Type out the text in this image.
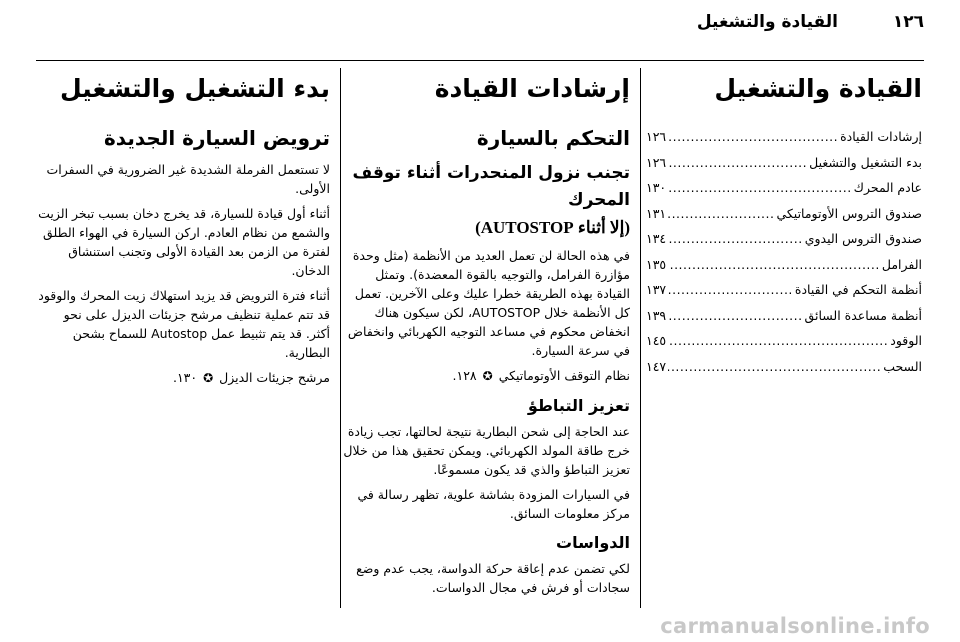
القيادة والتشغيل	١٢٦
القيادة والتشغيل
إرشادات القيادة
.....
١٢٦
بدء التشغيل والتشغيل
.....
١٢٦
عادم المحرك
.....
١٣٠
صندوق التروس الأوتوماتيكي
.....
١٣١
صندوق التروس اليدوي
.....
١٣٤
الفرامل
.....
١٣٥
أنظمة التحكم في القيادة
.....
١٣٧
أنظمة مساعدة السائق
.....
١٣٩
الوقود
.....
١٤٥
السحب
.....
١٤٧
إرشادات القيادة
التحكم بالسيارة
تجنب نزول المنحدرات أثناء توقف المحرك
(إلا أثناء AUTOSTOP)

في هذه الحالة لن تعمل العديد من الأنظمة (مثل وحدة مؤازرة الفرامل، والتوجيه بالقوة المعضدة). وتمثل القيادة بهذه الطريقة خطرا عليك وعلى الآخرين. تعمل كل الأنظمة خلال AUTOSTOP، لكن سيكون هناك انخفاض محكوم في مساعد التوجيه الكهربائي وانخفاض في سرعة السيارة.

نظام التوقف الأوتوماتيكي ✪ ١٢٨.

تعزيز التباطؤ

عند الحاجة إلى شحن البطارية نتيجة لحالتها، تجب زيادة خرج طاقة المولد الكهربائي. ويمكن تحقيق هذا من خلال تعزيز التباطؤ والذي قد يكون مسموعًا.

في السيارات المزودة بشاشة علوية، تظهر رسالة في مركز معلومات السائق.

الدواسات

لكي تضمن عدم إعاقة حركة الدواسة، يجب عدم وضع سجادات أو فرش في مجال الدواسات.

بدء التشغيل والتشغيل
ترويض السيارة الجديدة

لا تستعمل الفرملة الشديدة غير الضرورية في السفرات الأولى.

أثناء أول قيادة للسيارة، قد يخرج دخان بسبب تبخر الزيت والشمع من نظام العادم. اركن السيارة في الهواء الطلق لفترة من الزمن بعد القيادة الأولى وتجنب استنشاق الدخان.

أثناء فترة الترويض قد يزيد استهلاك زيت المحرك والوقود قد تتم عملية تنظيف مرشح جزيئات الديزل على نحو أكثر. قد يتم تثبيط عمل Autostop للسماح بشحن البطارية.

مرشح جزيئات الديزل ✪ ١٣٠.

carmanualsonline.info
